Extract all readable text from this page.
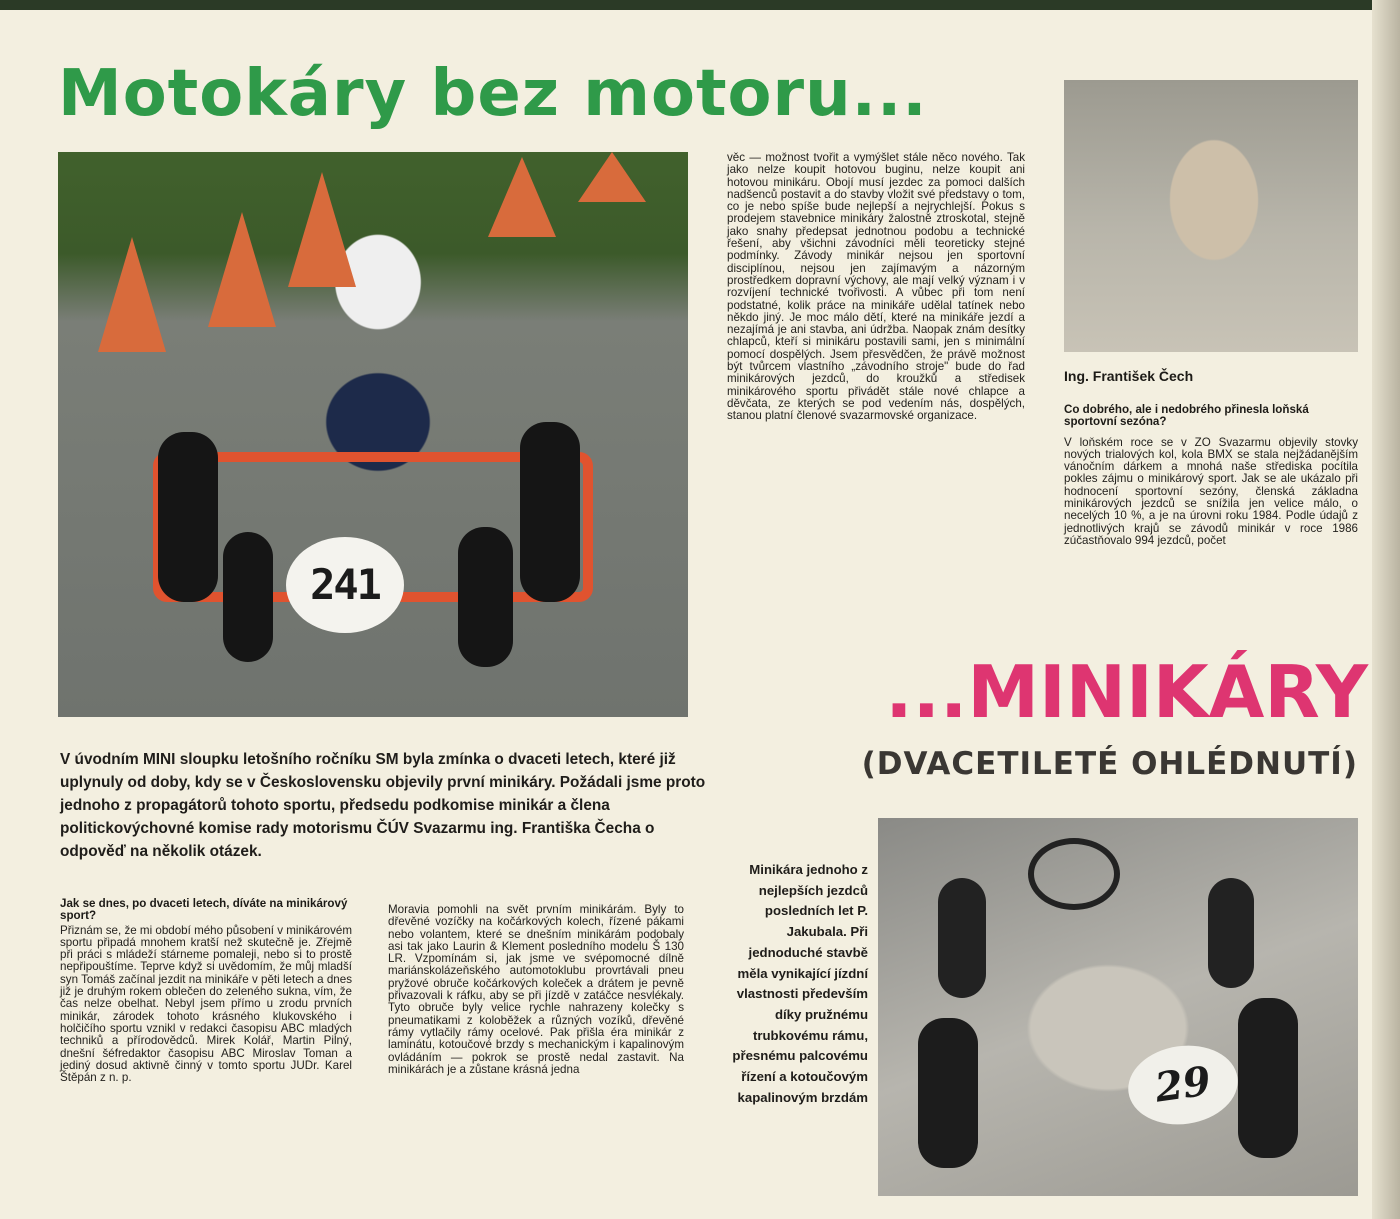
Motokáry bez motoru...
241

věc — možnost tvořit a vymýšlet stále něco nového. Tak jako nelze koupit hotovou buginu, nelze koupit ani hotovou minikáru. Obojí musí jezdec za pomoci dalších nadšenců postavit a do stavby vložit své představy o tom, co je nebo spíše bude nejlepší a nejrychlejší. Pokus s prodejem stavebnice minikáry žalostně ztroskotal, stejně jako snahy předepsat jednotnou podobu a technické řešení, aby všichni závodníci měli teoreticky stejné podmínky. Závody minikár nejsou jen sportovní disciplínou, nejsou jen zajímavým a názorným prostředkem dopravní výchovy, ale mají velký význam i v rozvíjení technické tvořivosti. A vůbec při tom není podstatné, kolik práce na minikáře udělal tatínek nebo někdo jiný. Je moc málo dětí, které na minikáře jezdí a nezajímá je ani stavba, ani údržba. Naopak znám desítky chlapců, kteří si minikáru postavili sami, jen s minimální pomocí dospělých. Jsem přesvědčen, že právě možnost být tvůrcem vlastního „závodního stroje" bude do řad minikárových jezdců, do kroužků a středisek minikárového sportu přivádět stále nové chlapce a děvčata, ze kterých se pod vedením nás, dospělých, stanou platní členové svazarmovské organizace.

Ing. František Čech

Co dobrého, ale i nedobrého přinesla loňská sportovní sezóna?

V loňském roce se v ZO Svazarmu objevily stovky nových trialových kol, kola BMX se stala nejžádanějším vánočním dárkem a mnohá naše střediska pocítila pokles zájmu o minikárový sport. Jak se ale ukázalo při hodnocení sportovní sezóny, členská základna minikárových jezdců se snížila jen velice málo, o necelých 10 %, a je na úrovni roku 1984. Podle údajů z jednotlivých krajů se závodů minikár v roce 1986 zúčastňovalo 994 jezdců, počet

...MINIKÁRY
(DVACETILETÉ OHLÉDNUTÍ)

V úvodním MINI sloupku letošního ročníku SM byla zmínka o dvaceti letech, které již uplynuly od doby, kdy se v Československu objevily první minikáry. Požádali jsme proto jednoho z propagátorů tohoto sportu, předsedu podkomise minikár a člena politickovýchovné komise rady motorismu ČÚV Svazarmu ing. Františka Čecha o odpověď na několik otázek.

Jak se dnes, po dvaceti letech, díváte na minikárový sport?

Přiznám se, že mi období mého působení v minikárovém sportu připadá mnohem kratší než skutečně je. Zřejmě při práci s mládeží stárneme pomaleji, nebo si to prostě nepřipouštíme. Teprve když si uvědomím, že můj mladší syn Tomáš začínal jezdit na minikáře v pěti letech a dnes již je druhým rokem oblečen do zeleného sukna, vím, že čas nelze obelhat. Nebyl jsem přímo u zrodu prvních minikár, zárodek tohoto krásného klukovského i holčičího sportu vznikl v redakci časopisu ABC mladých techniků a přírodovědců. Mirek Kolář, Martin Pilný, dnešní šéfredaktor časopisu ABC Miroslav Toman a jediný dosud aktivně činný v tomto sportu JUDr. Karel Štěpán z n. p.

Moravia pomohli na svět prvním minikárám. Byly to dřevěné vozíčky na kočárkových kolech, řízené pákami nebo volantem, které se dnešním minikárám podobaly asi tak jako Laurin & Klement posledního modelu Š 130 LR. Vzpomínám si, jak jsme ve svépomocné dílně mariánskolázeňského automotoklubu provrtávali pneu pryžové obruče kočárkových koleček a drátem je pevně přivazovali k ráfku, aby se při jízdě v zatáčce nesvlékaly. Tyto obruče byly velice rychle nahrazeny kolečky s pneumatikami z koloběžek a různých vozíků, dřevěné rámy vytlačily rámy ocelové. Pak přišla éra minikár z laminátu, kotoučové brzdy s mechanickým i kapalinovým ovládáním — pokrok se prostě nedal zastavit. Na minikárách je a zůstane krásná jedna

Minikára jednoho z nejlepších jezdců posledních let P. Jakubala. Při jednoduché stavbě měla vynikající jízdní vlastnosti především díky pružnému trubkovému rámu, přesnému palcovému řízení a kotoučovým kapalinovým brzdám	29
